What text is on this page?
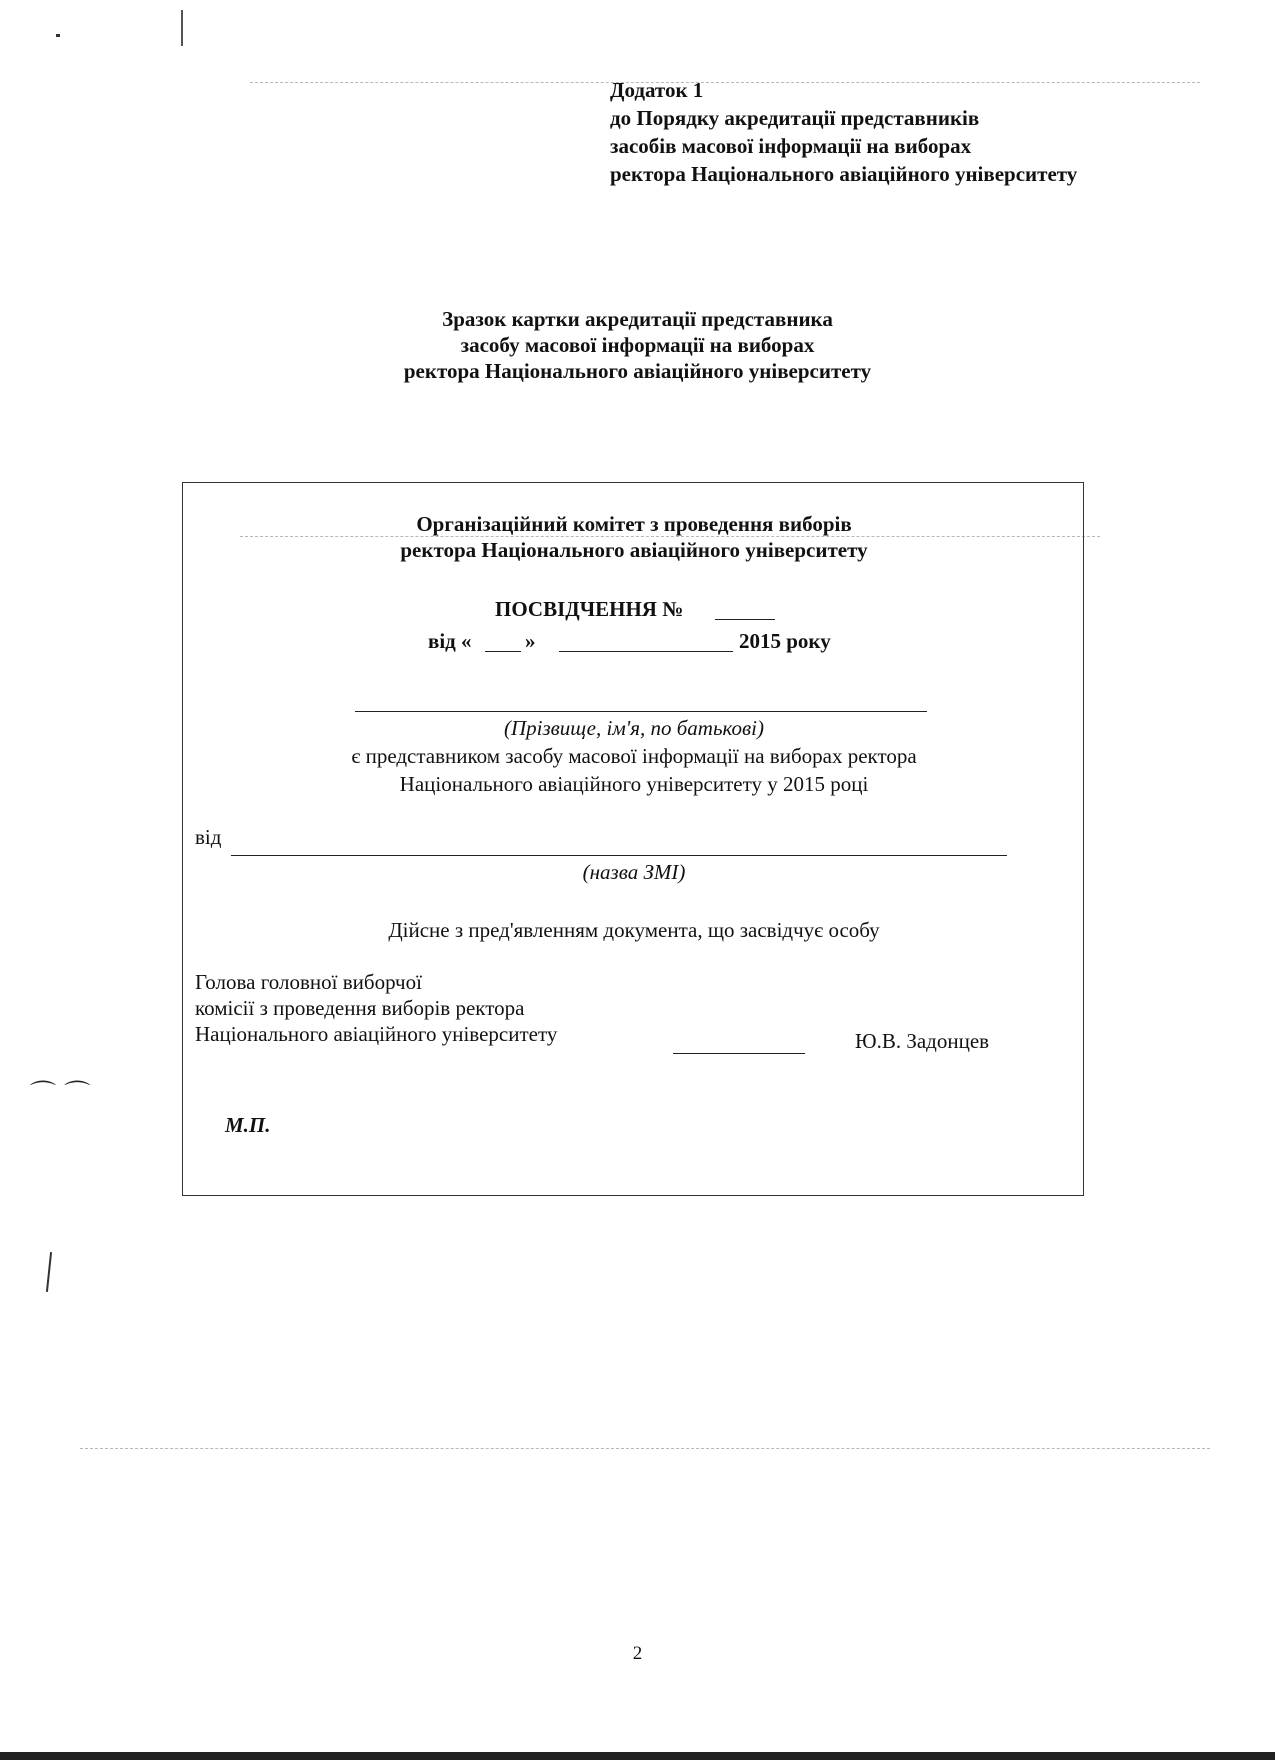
⌒ ⌒
Додаток 1
до Порядку акредитації представників
засобів масової інформації на виборах
ректора Національного авіаційного університету
Зразок картки акредитації представника
засобу масової інформації на виборах
ректора Національного авіаційного університету
Організаційний комітет з проведення виборів
ректора Національного авіаційного університету
ПОСВІДЧЕННЯ №
від «	»	2015 року
(Прізвище, ім'я, по батькові)
є представником засобу масової інформації на виборах ректора
Національного авіаційного університету у 2015 році
від
(назва ЗМІ)
Дійсне з пред'явленням документа, що засвідчує особу
Голова головної виборчої
комісії з проведення виборів ректора
Національного авіаційного університету	Ю.В. Задонцев
М.П.
2
